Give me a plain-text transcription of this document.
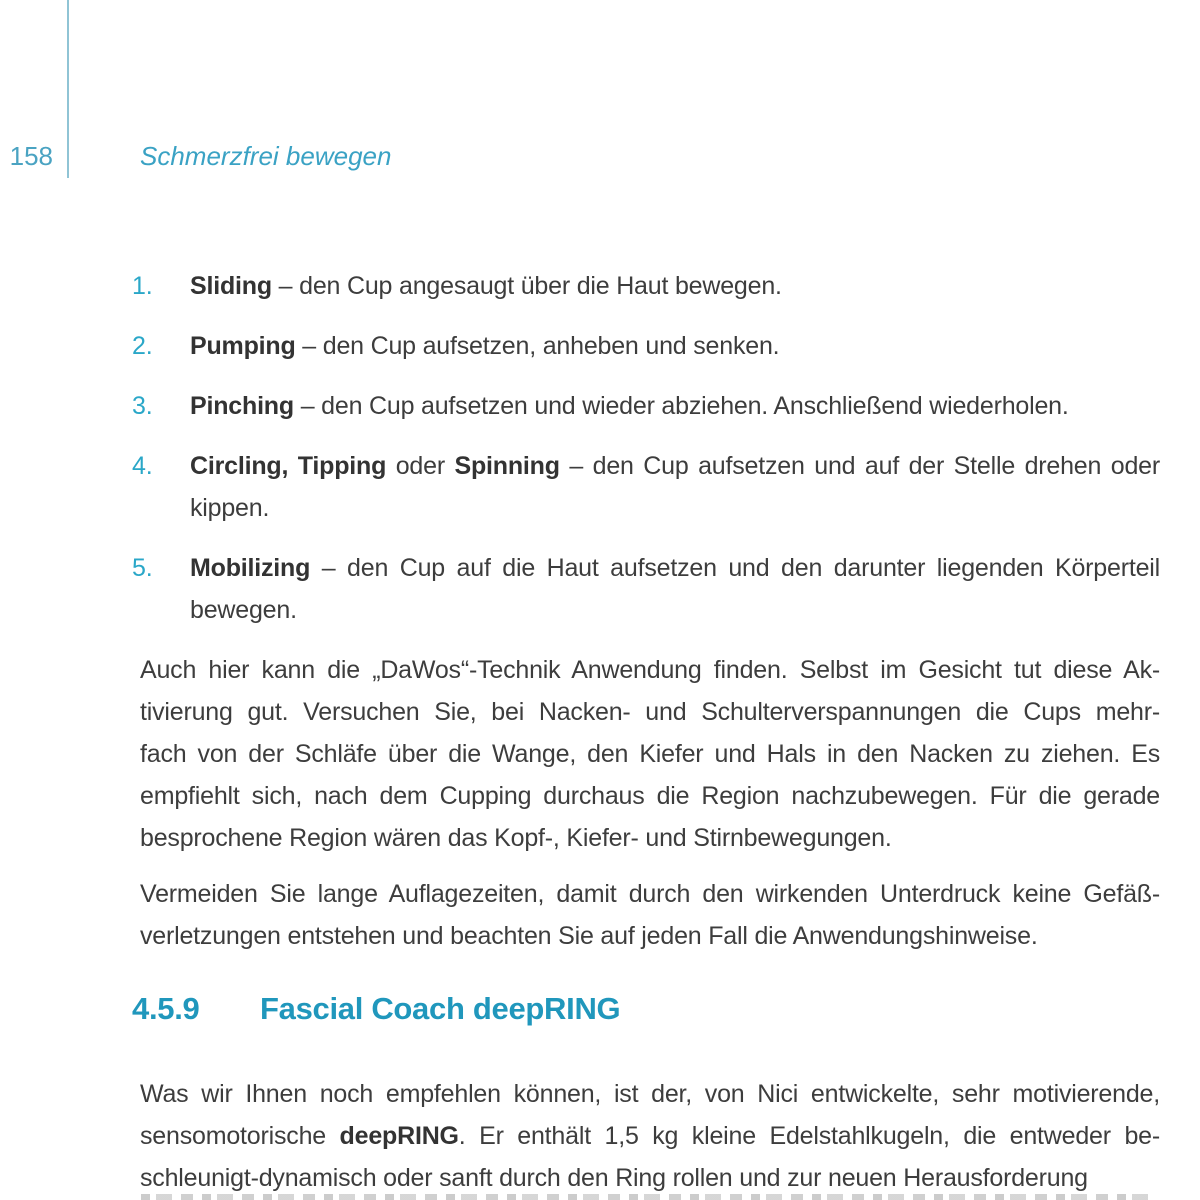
158	Schmerzfrei bewegen
1. Sliding – den Cup angesaugt über die Haut bewegen.
2. Pumping – den Cup aufsetzen, anheben und senken.
3. Pinching – den Cup aufsetzen und wieder abziehen. Anschließend wiederholen.
4. Circling, Tipping oder Spinning – den Cup aufsetzen und auf der Stelle drehen oder
kippen.
5. Mobilizing – den Cup auf die Haut aufsetzen und den darunter liegenden Körperteil
bewegen.
Auch hier kann die „DaWos“-Technik Anwendung finden. Selbst im Gesicht tut diese Ak-
tivierung gut. Versuchen Sie, bei Nacken- und Schulterverspannungen die Cups mehr-
fach von der Schläfe über die Wange, den Kiefer und Hals in den Nacken zu ziehen. Es
empfiehlt sich, nach dem Cupping durchaus die Region nachzubewegen. Für die gerade
besprochene Region wären das Kopf-, Kiefer- und Stirnbewegungen.
Vermeiden Sie lange Auflagezeiten, damit durch den wirkenden Unterdruck keine Gefäß-
verletzungen entstehen und beachten Sie auf jeden Fall die Anwendungshinweise.
4.5.9 Fascial Coach deepRING
Was wir Ihnen noch empfehlen können, ist der, von Nici entwickelte, sehr motivierende,
sensomotorische deepRING. Er enthält 1,5 kg kleine Edelstahlkugeln, die entweder be-
schleunigt-dynamisch oder sanft durch den Ring rollen und zur neuen Herausforderung
